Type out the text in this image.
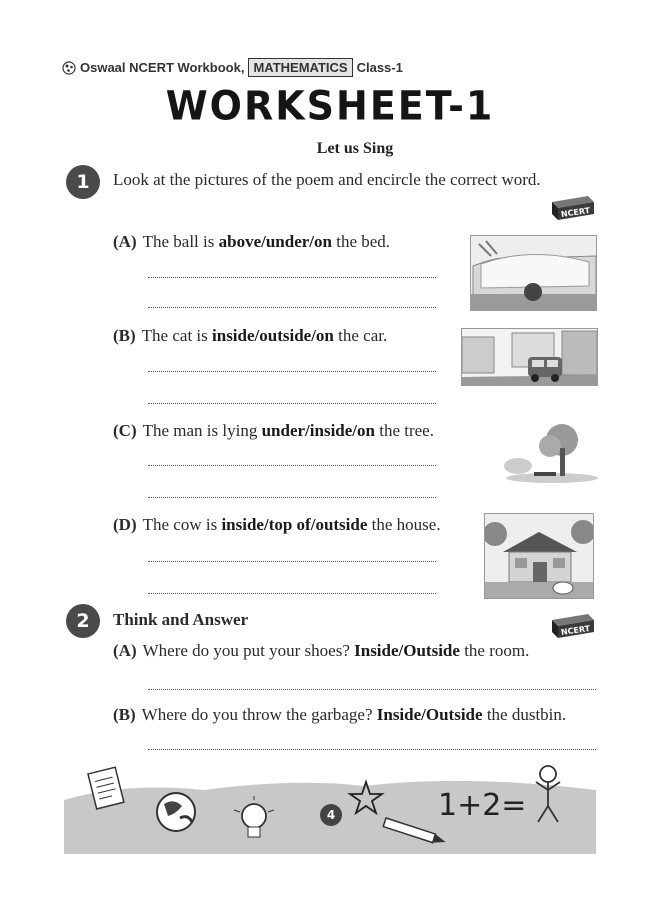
Oswaal NCERT Workbook, MATHEMATICS Class-1
WORKSHEET-1
Let us Sing
1	Look at the pictures of the poem and encircle the correct word.
NCERT
(A) The ball is above/under/on the bed.
(B) The cat is inside/outside/on the car.
(C) The man is lying under/inside/on the tree.
(D) The cow is inside/top of/outside the house.
2	Think and Answer
NCERT
(A) Where do you put your shoes? Inside/Outside the room.
(B) Where do you throw the garbage? Inside/Outside the dustbin.
4	1+2=
